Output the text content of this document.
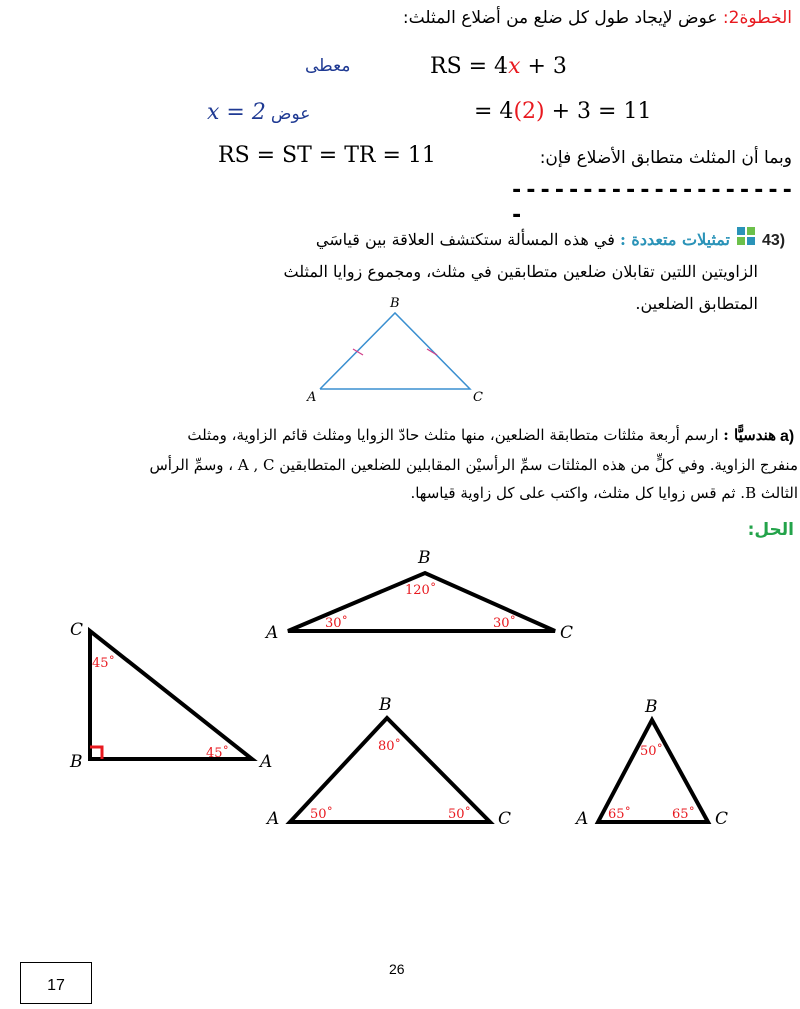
الخطوة2: عوض لإيجاد طول كل ضلع من أضلاع المثلث:
معطى	RS = 4x + 3
x = 2 عوض	= 4(2) + 3 = 11
وبما أن المثلث متطابق الأضلاع فإن:
RS = ST = TR = 11
---------------------
43)
تمثيلات متعددة : في هذه المسألة ستكتشف العلاقة بين قياسَي
الزاويتين اللتين تقابلان ضلعين متطابقين في مثلث، ومجموع زوايا المثلث
المتطابق الضلعين.
B
A	C
a)
هندسيًّا : ارسم أربعة مثلثات متطابقة الضلعين، منها مثلث حادّ الزوايا ومثلث قائم الزاوية، ومثلث
منفرج الزاوية. وفي كلٍّ من هذه المثلثات سمِّ الرأسيْن المقابلين للضلعين المتطابقين A , C ، وسمِّ الرأس
الثالث B. ثم قس زوايا كل مثلث، واكتب على كل زاوية قياسها.
الحل:
B
A	C
120˚
30˚	30˚
C
B	A
45˚
45˚
B
A	C
80˚
50˚	50˚
B
A	C
50˚
65˚	65˚
26
17
